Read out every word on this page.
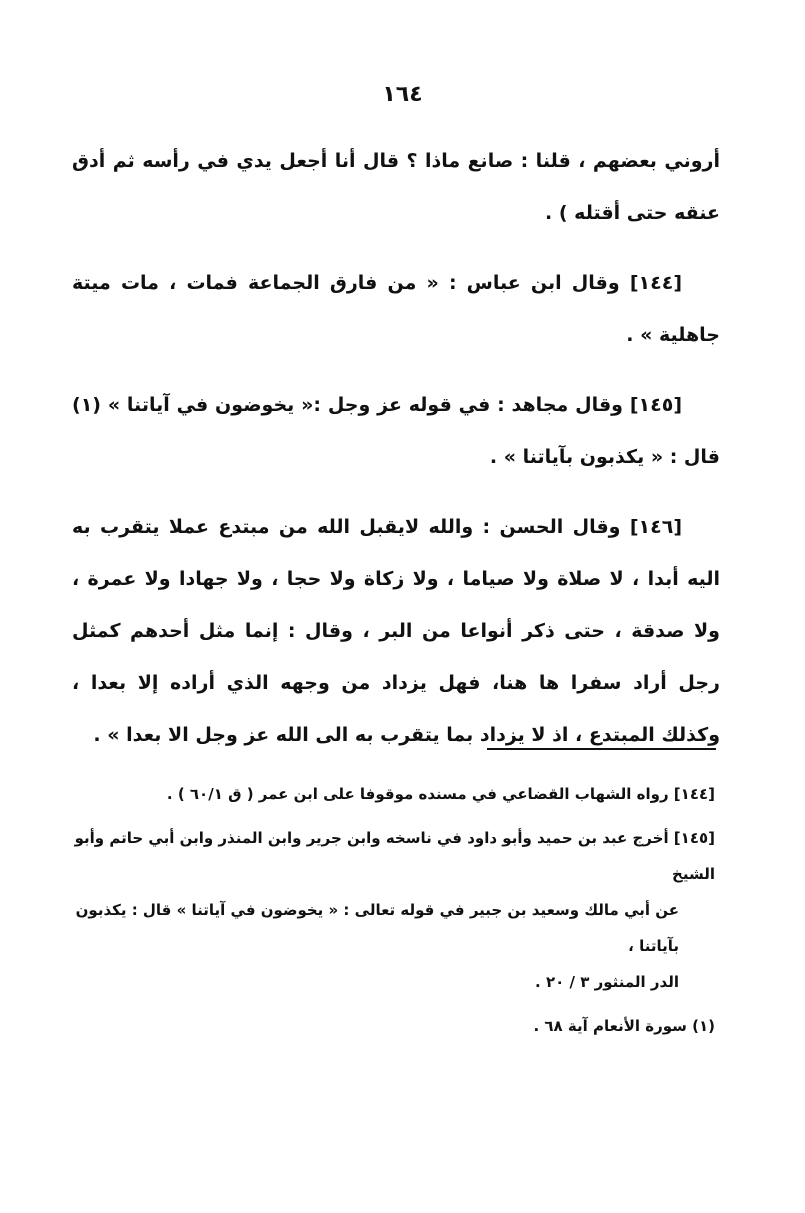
١٦٤

أروني بعضهم ، قلنا : صانع ماذا ؟ قال أنا أجعل يدي في رأسه ثم أدق عنقه حتى أقتله ) .

[١٤٤] وقال ابن عباس : « من فارق الجماعة فمات ، مات ميتة جاهلية » .

[١٤٥] وقال مجاهد : في قوله عز وجل :« يخوضون في آياتنا » (١) قال : « يكذبون بآياتنا » .

[١٤٦] وقال الحسن : والله لايقبل الله من مبتدع عملا يتقرب به اليه أبدا ، لا صلاة ولا صياما ، ولا زكاة ولا حجا ، ولا جهادا ولا عمرة ، ولا صدقة ، حتى ذكر أنواعا من البر ، وقال : إنما مثل أحدهم كمثل رجل أراد سفرا ها هنا، فهل يزداد من وجهه الذي أراده إلا بعدا ، وكذلك المبتدع ، اذ لا يزداد بما يتقرب به الى الله عز وجل الا بعدا » .

[١٤٤] رواه الشهاب القضاعي في مسنده موقوفا على ابن عمر ( ق ٦٠/١ ) .

[١٤٥] أخرج عبد بن حميد وأبو داود في ناسخه وابن جرير وابن المنذر وابن أبي حاتم وأبو الشيخ
عن أبي مالك وسعيد بن جبير في قوله تعالى : « يخوضون في آياتنا » قال : يكذبون بآياتنا ،
الدر المنثور ٣ / ٢٠ .

(١) سورة الأنعام آية ٦٨ .
